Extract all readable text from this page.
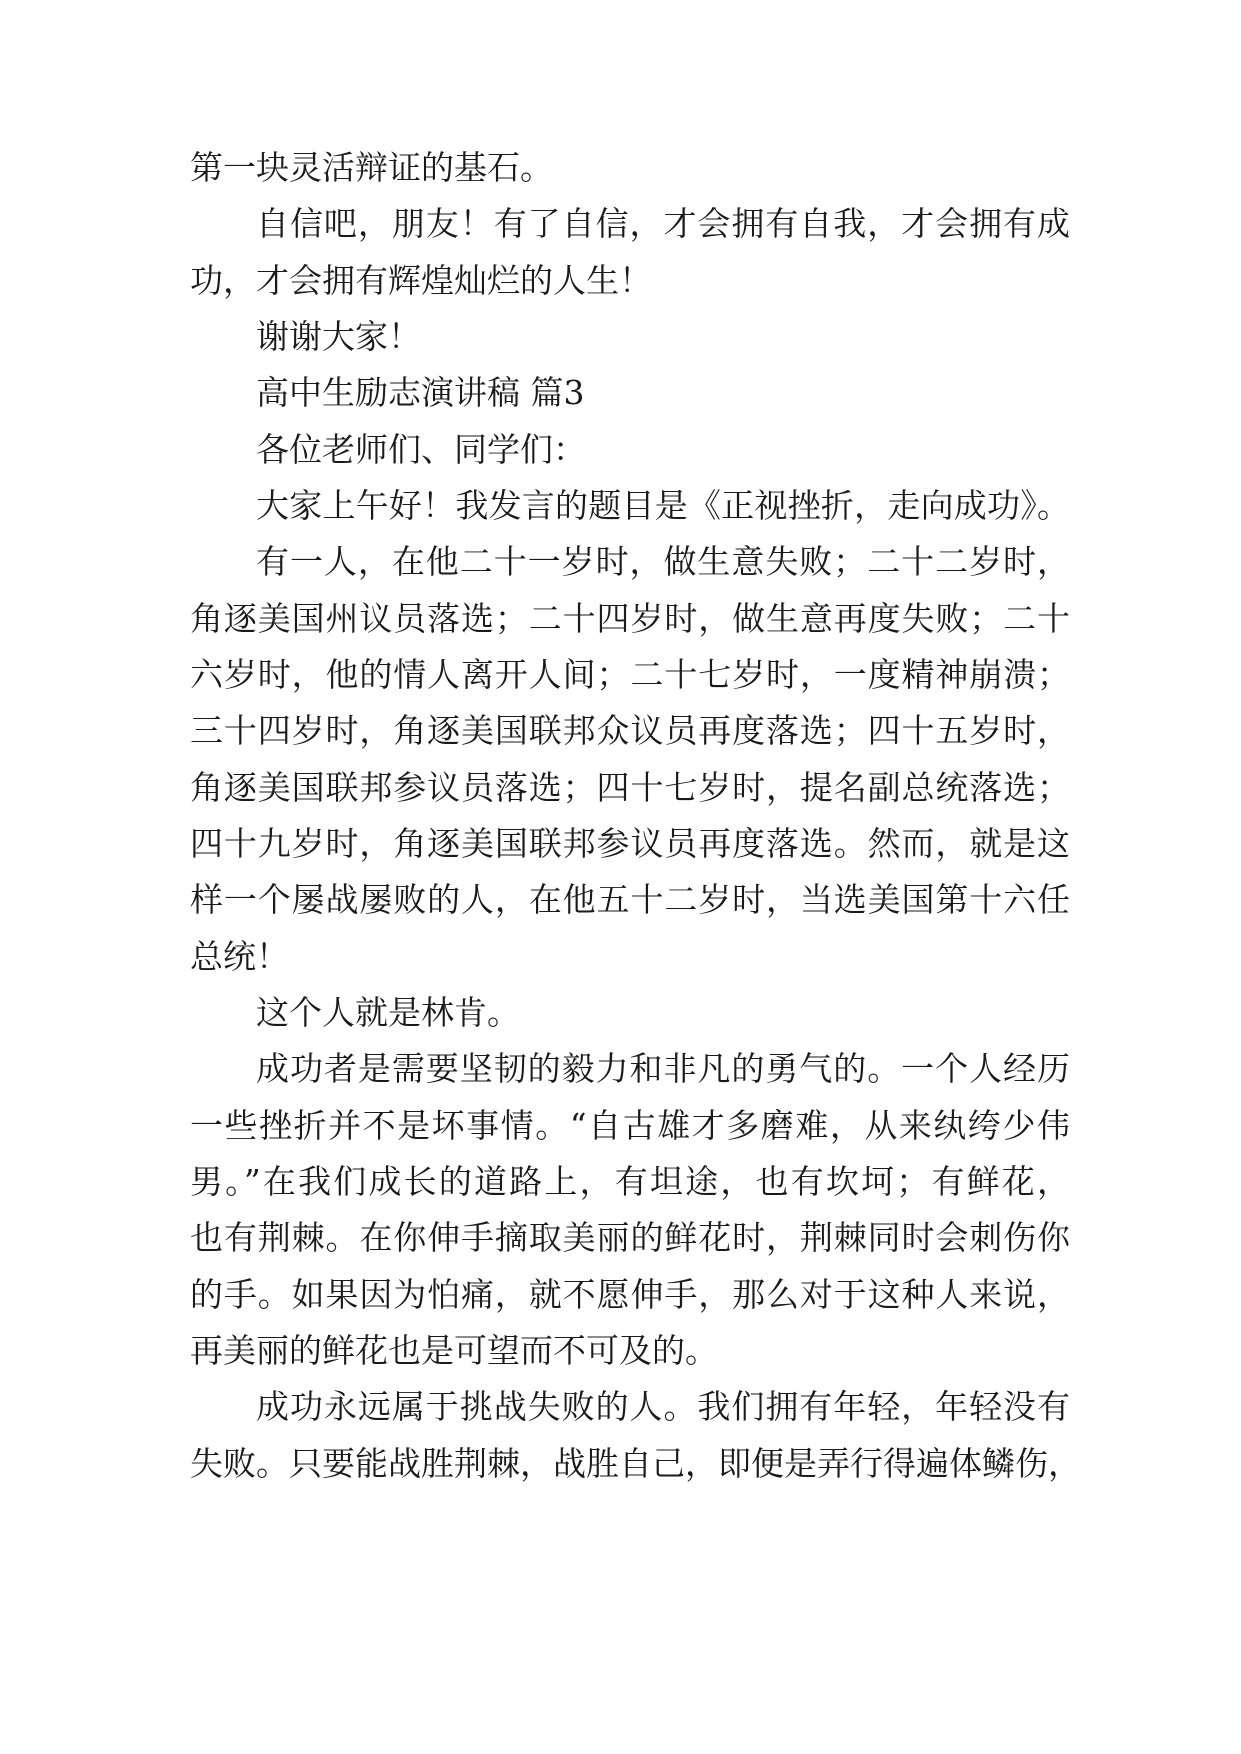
第一块灵活辩证的基石。

自信吧，朋友！有了自信，才会拥有自我，才会拥有成

功，才会拥有辉煌灿烂的人生！

谢谢大家！

高中生励志演讲稿 篇3

各位老师们、同学们：

大家上午好！我发言的题目是《正视挫折，走向成功》。

有一人，在他二十一岁时，做生意失败；二十二岁时，

角逐美国州议员落选；二十四岁时，做生意再度失败；二十

六岁时，他的情人离开人间；二十七岁时，一度精神崩溃；

三十四岁时，角逐美国联邦众议员再度落选；四十五岁时，

角逐美国联邦参议员落选；四十七岁时，提名副总统落选；

四十九岁时，角逐美国联邦参议员再度落选。然而，就是这

样一个屡战屡败的人，在他五十二岁时，当选美国第十六任

总统！

这个人就是林肯。

成功者是需要坚韧的毅力和非凡的勇气的。一个人经历

一些挫折并不是坏事情。“自古雄才多磨难，从来纨绔少伟

男。”在我们成长的道路上，有坦途，也有坎坷；有鲜花，

也有荆棘。在你伸手摘取美丽的鲜花时，荆棘同时会刺伤你

的手。如果因为怕痛，就不愿伸手，那么对于这种人来说，

再美丽的鲜花也是可望而不可及的。

成功永远属于挑战失败的人。我们拥有年轻，年轻没有

失败。只要能战胜荆棘，战胜自己，即便是弄行得遍体鳞伤，
